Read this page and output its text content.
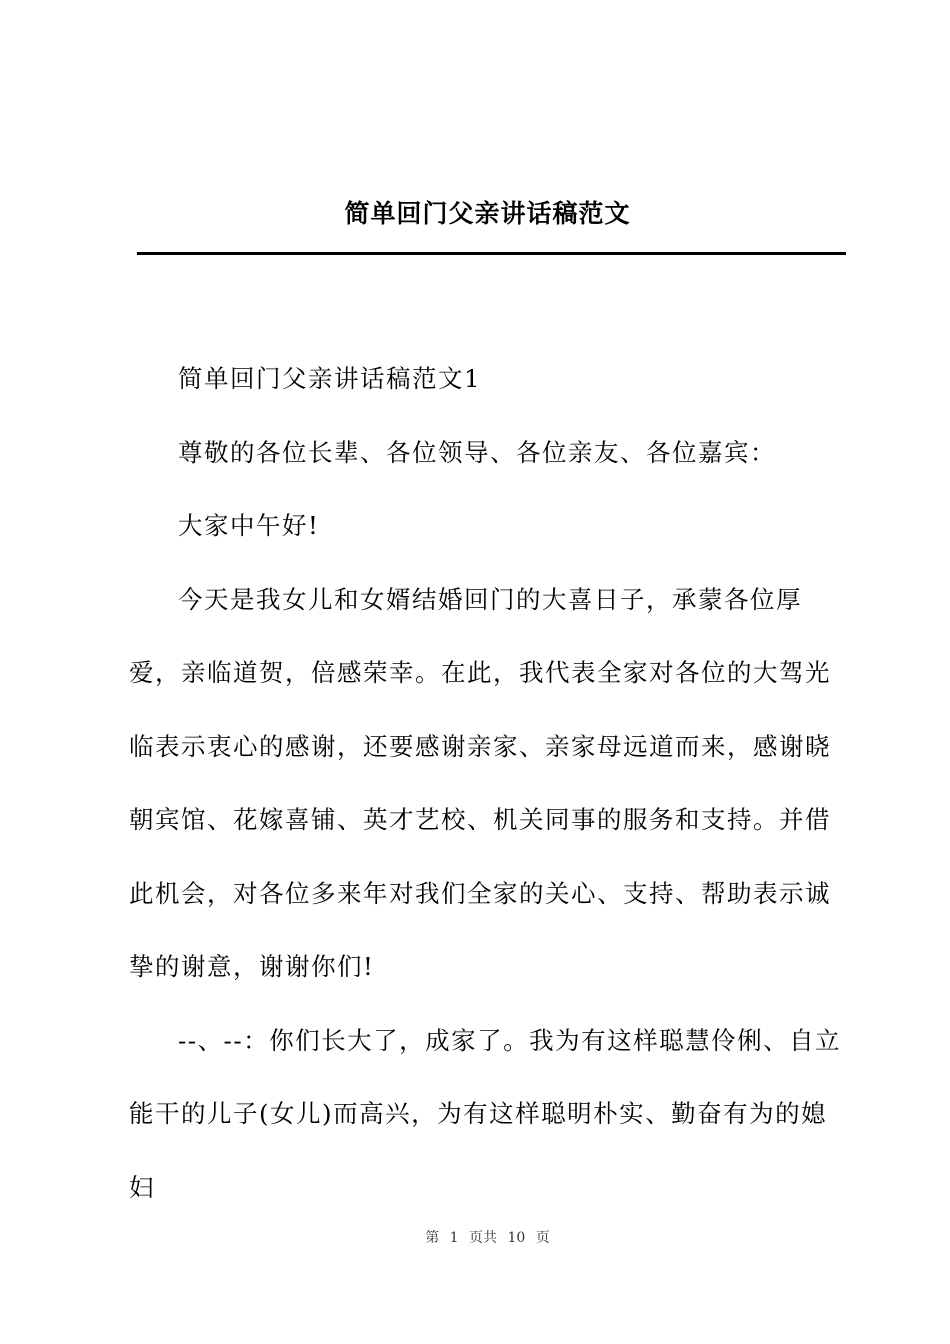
简单回门父亲讲话稿范文

简单回门父亲讲话稿范文1

尊敬的各位长辈、各位领导、各位亲友、各位嘉宾：

大家中午好!

今天是我女儿和女婿结婚回门的大喜日子，承蒙各位厚爱，亲临道贺，倍感荣幸。在此，我代表全家对各位的大驾光临表示衷心的感谢，还要感谢亲家、亲家母远道而来，感谢晓朝宾馆、花嫁喜铺、英才艺校、机关同事的服务和支持。并借此机会，对各位多来年对我们全家的关心、支持、帮助表示诚挚的谢意，谢谢你们!

--、--：你们长大了，成家了。我为有这样聪慧伶俐、自立能干的儿子(女儿)而高兴，为有这样聪明朴实、勤奋有为的媳妇

第 1 页共 10 页
